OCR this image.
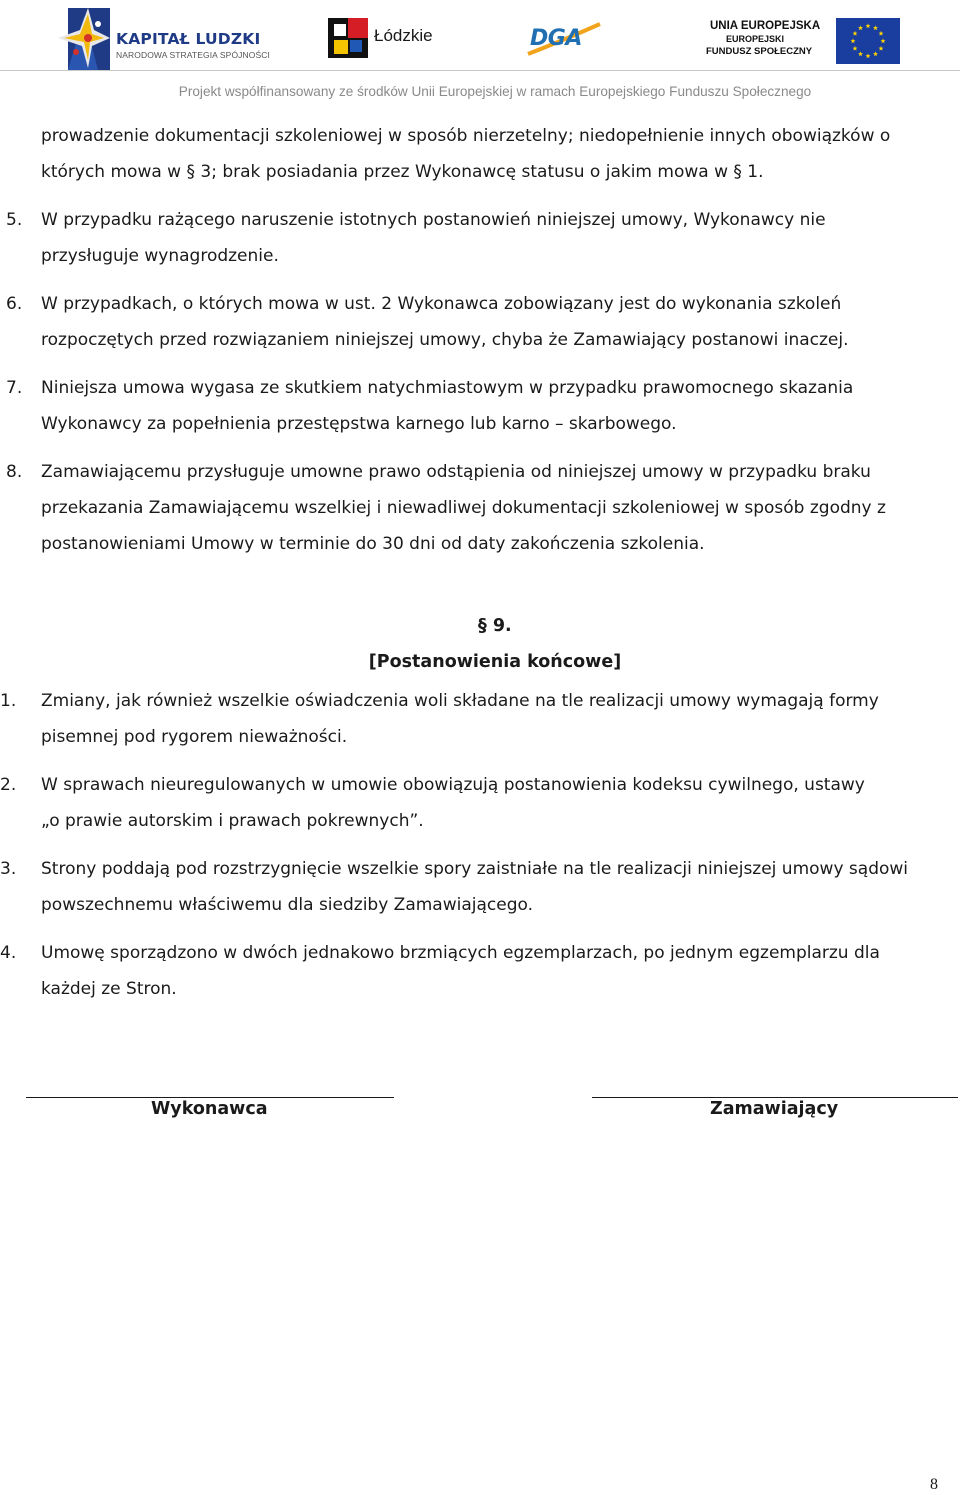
KAPITAŁ LUDZKI
NARODOWA STRATEGIA SPÓJNOŚCI
Łódzkie	DGA	UNIA EUROPEJSKA
EUROPEJSKI
FUNDUSZ SPOŁECZNY
Projekt współfinansowany ze środków Unii Europejskiej w ramach Europejskiego Funduszu Społecznego

prowadzenie dokumentacji szkoleniowej w sposób nierzetelny; niedopełnienie innych obowiązków o

których mowa w § 3; brak posiadania przez Wykonawcę statusu o jakim mowa w § 1.

5. W przypadku rażącego naruszenie istotnych postanowień niniejszej umowy, Wykonawcy nie

przysługuje wynagrodzenie.

6. W przypadkach, o których mowa w ust. 2 Wykonawca zobowiązany jest do wykonania szkoleń

rozpoczętych przed rozwiązaniem niniejszej umowy, chyba że Zamawiający postanowi inaczej.

7. Niniejsza umowa wygasa ze skutkiem natychmiastowym w przypadku prawomocnego skazania

Wykonawcy za popełnienia przestępstwa karnego lub karno – skarbowego.

8. Zamawiającemu przysługuje umowne prawo odstąpienia od niniejszej umowy w przypadku braku

przekazania Zamawiającemu wszelkiej i niewadliwej dokumentacji szkoleniowej w sposób zgodny z

postanowieniami Umowy w terminie do 30 dni od daty zakończenia szkolenia.

§ 9.
[Postanowienia końcowe]
1. Zmiany, jak również wszelkie oświadczenia woli składane na tle realizacji umowy wymagają formy

pisemnej pod rygorem nieważności.

2. W sprawach nieuregulowanych w umowie obowiązują postanowienia kodeksu cywilnego, ustawy

„o prawie autorskim i prawach pokrewnych”.

3. Strony poddają pod rozstrzygnięcie wszelkie spory zaistniałe na tle realizacji niniejszej umowy sądowi

powszechnemu właściwemu dla siedziby Zamawiającego.

4. Umowę sporządzono w dwóch jednakowo brzmiących egzemplarzach, po jednym egzemplarzu dla

każdej ze Stron.

Wykonawca	Zamawiający
8
